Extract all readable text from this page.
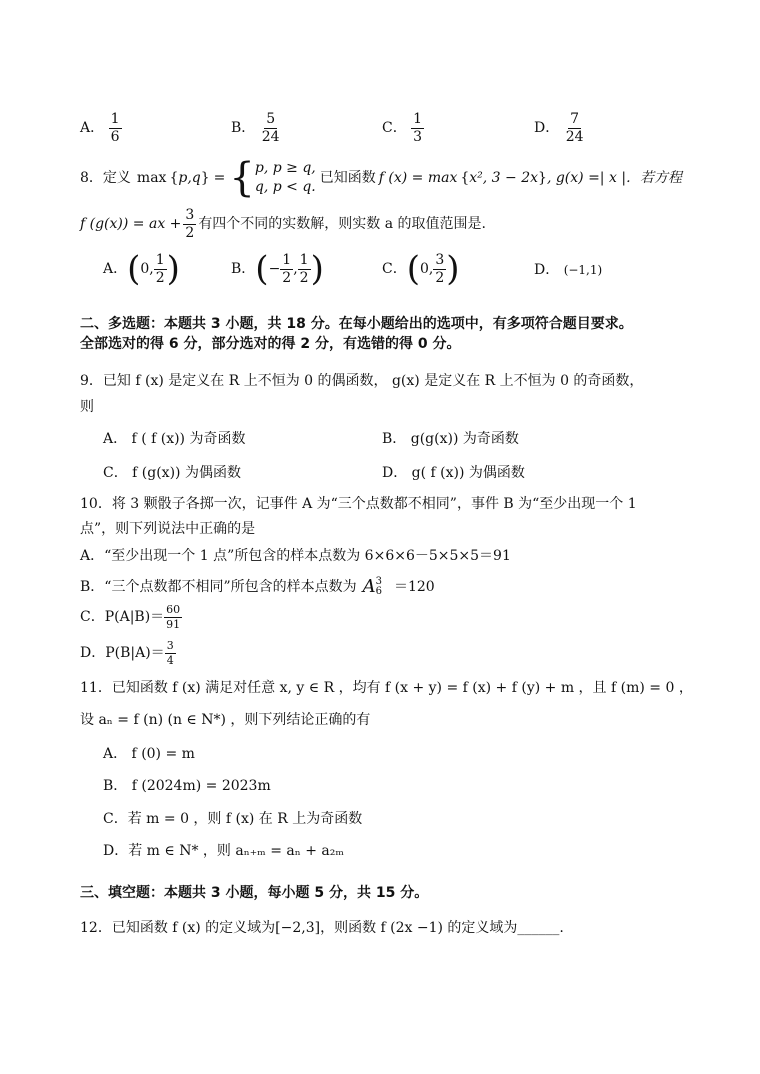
A． $\frac{1}{6}$	B． $\frac{5}{24}$	C． $\frac{1}{3}$	D． $\frac{7}{24}$
8． 定义 max { p,q } = { p, p ≥ q,
q, p < q.
已知函数 f (x) = max { x², 3 − 2x } , g(x) =| x |．若方程
f (g(x)) = ax + $\frac{3}{2}$ 有四个不同的实数解，则实数 a 的取值范围是.
A． ( 0, $\frac{1}{2}$ )	B． ( − $\frac{1}{2}$ , $\frac{1}{2}$ )	C． ( 0, $\frac{3}{2}$ )	D． (−1,1)
二、多选题：本题共 3 小题，共 18 分。在每小题给出的选项中，有多项符合题目要求。
全部选对的得 6 分，部分选对的得 2 分，有选错的得 0 分。
9．已知 f (x) 是定义在 R 上不恒为 0 的偶函数， g(x) 是定义在 R 上不恒为 0 的奇函数，
则
A． f ( f (x)) 为奇函数	B． g(g(x)) 为奇函数
C． f (g(x)) 为偶函数	D． g( f (x)) 为偶函数
10．将 3 颗骰子各掷一次，记事件 A 为“三个点数都不相同”，事件 B 为“至少出现一个 1
点”，则下列说法中正确的是
A．“至少出现一个 1 点”所包含的样本点数为 6×6×6－5×5×5＝91
B．“三个点数都不相同”所包含的样本点数为 A 3
6 ＝120
C．$P(A|B)= \frac{60}{91}$
D．$P(B|A)= \frac{3}{4}$
11．已知函数 f (x) 满足对任意 x, y ∈ R ，均有 f (x + y) = f (x) + f (y) + m ，且 f (m) = 0 ，
设 aₙ = f (n) (n ∈ N*) ，则下列结论正确的有
A． f (0) = m
B． f (2024m) = 2023m
C．若 m = 0 ，则 f (x) 在 R 上为奇函数
D．若 m ∈ N* ，则 aₙ₊ₘ = aₙ + a₂ₘ
三、填空题：本题共 3 小题，每小题 5 分，共 15 分。
12．已知函数 f (x) 的定义域为[−2,3]，则函数 f (2x −1) 的定义域为______.
